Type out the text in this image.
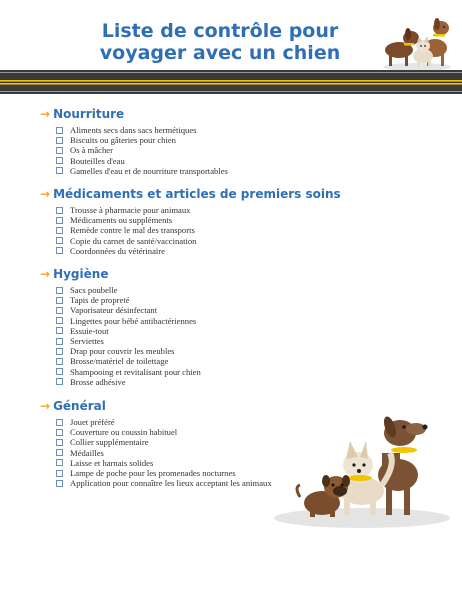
Liste de contrôle pour
voyager avec un chien
→ Nourriture
Aliments secs dans sacs hermétiques
Biscuits ou gâteries pour chien
Os à mâcher
Bouteilles d'eau
Gamelles d'eau et de nourriture transportables
→ Médicaments et articles de premiers soins
Trousse à pharmacie pour animaux
Médicaments ou suppléments
Remède contre le mal des transports
Copie du carnet de santé/vaccination
Coordonnées du vétérinaire
→ Hygiène
Sacs poubelle
Tapis de propreté
Vaporisateur désinfectant
Lingettes pour bébé antibactériennes
Essuie-tout
Serviettes
Drap pour couvrir les meubles
Brosse/matériel de toilettage
Shampooing et revitalisant pour chien
Brosse adhésive
→ Général
Jouet préféré
Couverture ou coussin habituel
Collier supplémentaire
Médailles
Laisse et harnais solides
Lampe de poche pour les promenades nocturnes
Application pour connaître les lieux acceptant les animaux
